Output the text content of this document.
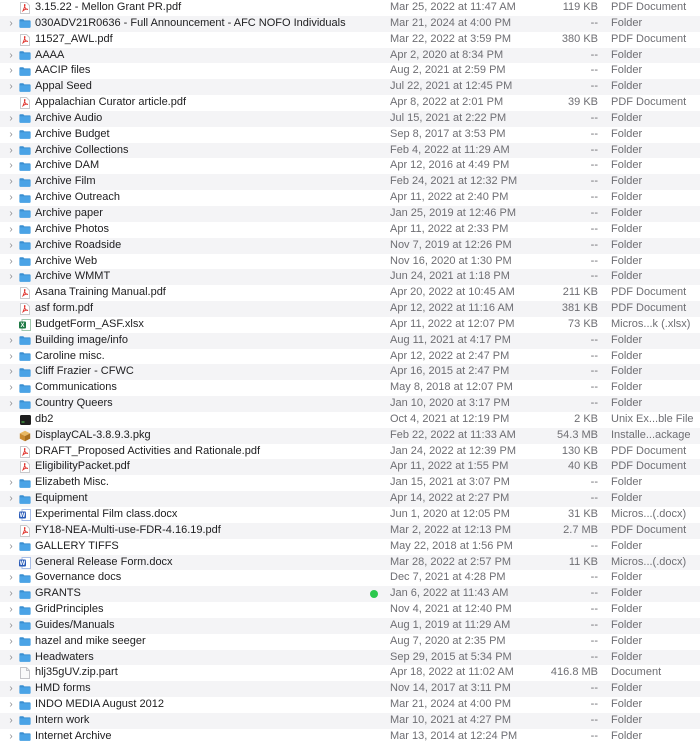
3.15.22 - Mellon Grant PR.pdf	Mar 25, 2022 at 11:47 AM	119 KB PDF Document
› 030ADV21R0636 - Full Announcement - AFC NOFO Individuals	Mar 21, 2024 at 4:00 PM	-- Folder
11527_AWL.pdf	Mar 22, 2022 at 3:59 PM	380 KB PDF Document
› AAAA	Apr 2, 2020 at 8:34 PM	-- Folder
› AACIP files	Aug 2, 2021 at 2:59 PM	-- Folder
› Appal Seed	Jul 22, 2021 at 12:45 PM	-- Folder
Appalachian Curator article.pdf	Apr 8, 2022 at 2:01 PM	39 KB PDF Document
› Archive Audio	Jul 15, 2021 at 2:22 PM	-- Folder
› Archive Budget	Sep 8, 2017 at 3:53 PM	-- Folder
› Archive Collections	Feb 4, 2022 at 11:29 AM	-- Folder
› Archive DAM	Apr 12, 2016 at 4:49 PM	-- Folder
› Archive Film	Feb 24, 2021 at 12:32 PM	-- Folder
› Archive Outreach	Apr 11, 2022 at 2:40 PM	-- Folder
› Archive paper	Jan 25, 2019 at 12:46 PM	-- Folder
› Archive Photos	Apr 11, 2022 at 2:33 PM	-- Folder
› Archive Roadside	Nov 7, 2019 at 12:26 PM	-- Folder
› Archive Web	Nov 16, 2020 at 1:30 PM	-- Folder
› Archive WMMT	Jun 24, 2021 at 1:18 PM	-- Folder
Asana Training Manual.pdf	Apr 20, 2022 at 10:45 AM	211 KB PDF Document
asf form.pdf	Apr 12, 2022 at 11:16 AM	381 KB PDF Document
X BudgetForm_ASF.xlsx	Apr 11, 2022 at 12:07 PM	73 KB Micros...k (.xlsx)
› Building image/info	Aug 11, 2021 at 4:17 PM	-- Folder
› Caroline misc.	Apr 12, 2022 at 2:47 PM	-- Folder
› Cliff Frazier - CFWC	Apr 16, 2015 at 2:47 PM	-- Folder
› Communications	May 8, 2018 at 12:07 PM	-- Folder
› Country Queers	Jan 10, 2020 at 3:17 PM	-- Folder
db2	Oct 4, 2021 at 12:19 PM	2 KB Unix Ex...ble File
DisplayCAL-3.8.9.3.pkg	Feb 22, 2022 at 11:33 AM	54.3 MB Installe...ackage
DRAFT_Proposed Activities and Rationale.pdf	Jan 24, 2022 at 12:39 PM	130 KB PDF Document
EligibilityPacket.pdf	Apr 11, 2022 at 1:55 PM	40 KB PDF Document
› Elizabeth Misc.	Jan 15, 2021 at 3:07 PM	-- Folder
› Equipment	Apr 14, 2022 at 2:27 PM	-- Folder
W Experimental Film class.docx	Jun 1, 2020 at 12:05 PM	31 KB Micros...(.docx)
FY18-NEA-Multi-use-FDR-4.16.19.pdf	Mar 2, 2022 at 12:13 PM	2.7 MB PDF Document
› GALLERY TIFFS	May 22, 2018 at 1:56 PM	-- Folder
W General Release Form.docx	Mar 28, 2022 at 2:57 PM	11 KB Micros...(.docx)
› Governance docs	Dec 7, 2021 at 4:28 PM	-- Folder
› GRANTS	Jan 6, 2022 at 11:43 AM	-- Folder
› GridPrinciples	Nov 4, 2021 at 12:40 PM	-- Folder
› Guides/Manuals	Aug 1, 2019 at 11:29 AM	-- Folder
› hazel and mike seeger	Aug 7, 2020 at 2:35 PM	-- Folder
› Headwaters	Sep 29, 2015 at 5:34 PM	-- Folder
hlj35gUV.zip.part	Apr 18, 2022 at 11:02 AM	416.8 MB Document
› HMD forms	Nov 14, 2017 at 3:11 PM	-- Folder
› INDO MEDIA August 2012	Mar 21, 2024 at 4:00 PM	-- Folder
› Intern work	Mar 10, 2021 at 4:27 PM	-- Folder
› Internet Archive	Mar 13, 2014 at 12:24 PM	-- Folder
